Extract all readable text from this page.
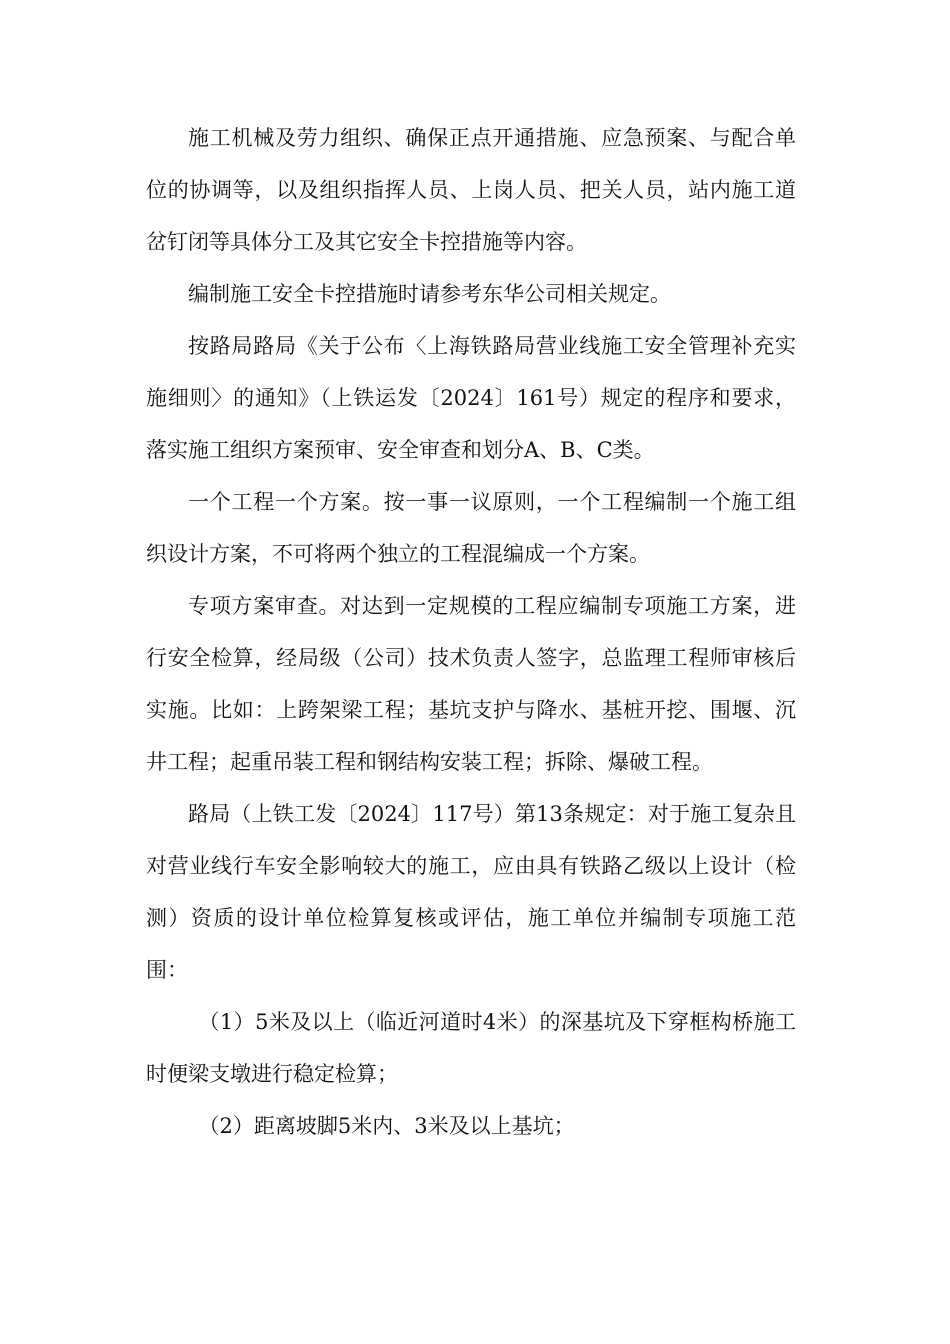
施工机械及劳力组织、确保正点开通措施、应急预案、与配合单位的协调等，以及组织指挥人员、上岗人员、把关人员，站内施工道岔钉闭等具体分工及其它安全卡控措施等内容。

编制施工安全卡控措施时请参考东华公司相关规定。

按路局路局《关于公布〈上海铁路局营业线施工安全管理补充实施细则〉的通知》（上铁运发〔2024〕161号）规定的程序和要求，落实施工组织方案预审、安全审查和划分A、B、C类。

一个工程一个方案。按一事一议原则，一个工程编制一个施工组织设计方案，不可将两个独立的工程混编成一个方案。

专项方案审查。对达到一定规模的工程应编制专项施工方案，进行安全检算，经局级（公司）技术负责人签字，总监理工程师审核后实施。比如：上跨架梁工程；基坑支护与降水、基桩开挖、围堰、沉井工程；起重吊装工程和钢结构安装工程；拆除、爆破工程。

路局（上铁工发〔2024〕117号）第13条规定：对于施工复杂且对营业线行车安全影响较大的施工，应由具有铁路乙级以上设计（检测）资质的设计单位检算复核或评估，施工单位并编制专项施工范围：

（1）5米及以上（临近河道时4米）的深基坑及下穿框构桥施工时便梁支墩进行稳定检算；

（2）距离坡脚5米内、3米及以上基坑；
